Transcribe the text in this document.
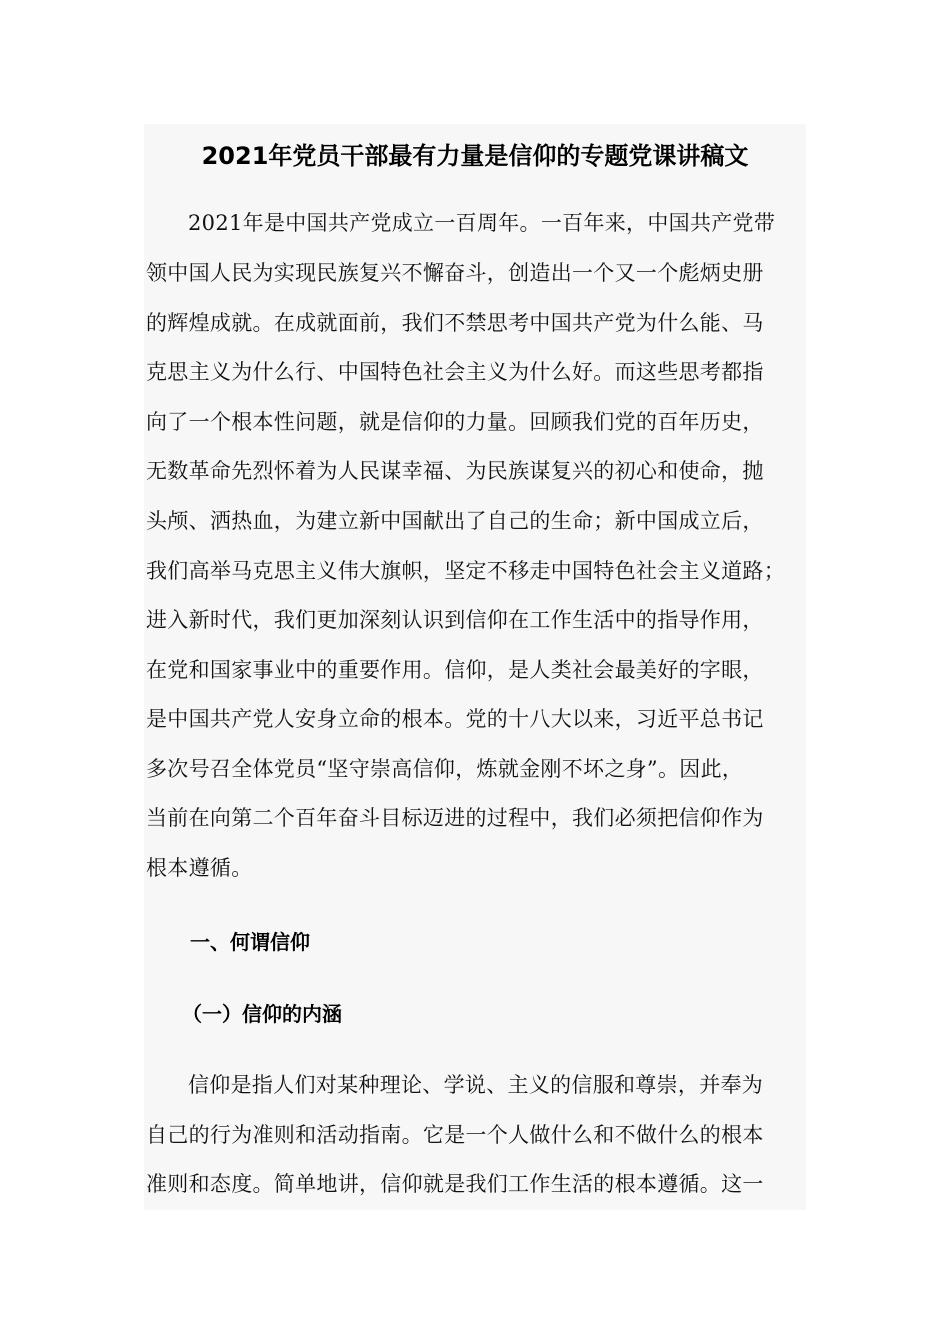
2021年党员干部最有力量是信仰的专题党课讲稿文
2021年是中国共产党成立一百周年。一百年来，中国共产党带
领中国人民为实现民族复兴不懈奋斗，创造出一个又一个彪炳史册
的辉煌成就。在成就面前，我们不禁思考中国共产党为什么能、马
克思主义为什么行、中国特色社会主义为什么好。而这些思考都指
向了一个根本性问题，就是信仰的力量。回顾我们党的百年历史，
无数革命先烈怀着为人民谋幸福、为民族谋复兴的初心和使命，抛
头颅、洒热血，为建立新中国献出了自己的生命；新中国成立后，
我们高举马克思主义伟大旗帜，坚定不移走中国特色社会主义道路；
进入新时代，我们更加深刻认识到信仰在工作生活中的指导作用，
在党和国家事业中的重要作用。信仰，是人类社会最美好的字眼，
是中国共产党人安身立命的根本。党的十八大以来，习近平总书记
多次号召全体党员“坚守崇高信仰，炼就金刚不坏之身”。因此，
当前在向第二个百年奋斗目标迈进的过程中，我们必须把信仰作为
根本遵循。
一、何谓信仰
（一）信仰的内涵
信仰是指人们对某种理论、学说、主义的信服和尊崇，并奉为
自己的行为准则和活动指南。它是一个人做什么和不做什么的根本
准则和态度。简单地讲，信仰就是我们工作生活的根本遵循。这一
